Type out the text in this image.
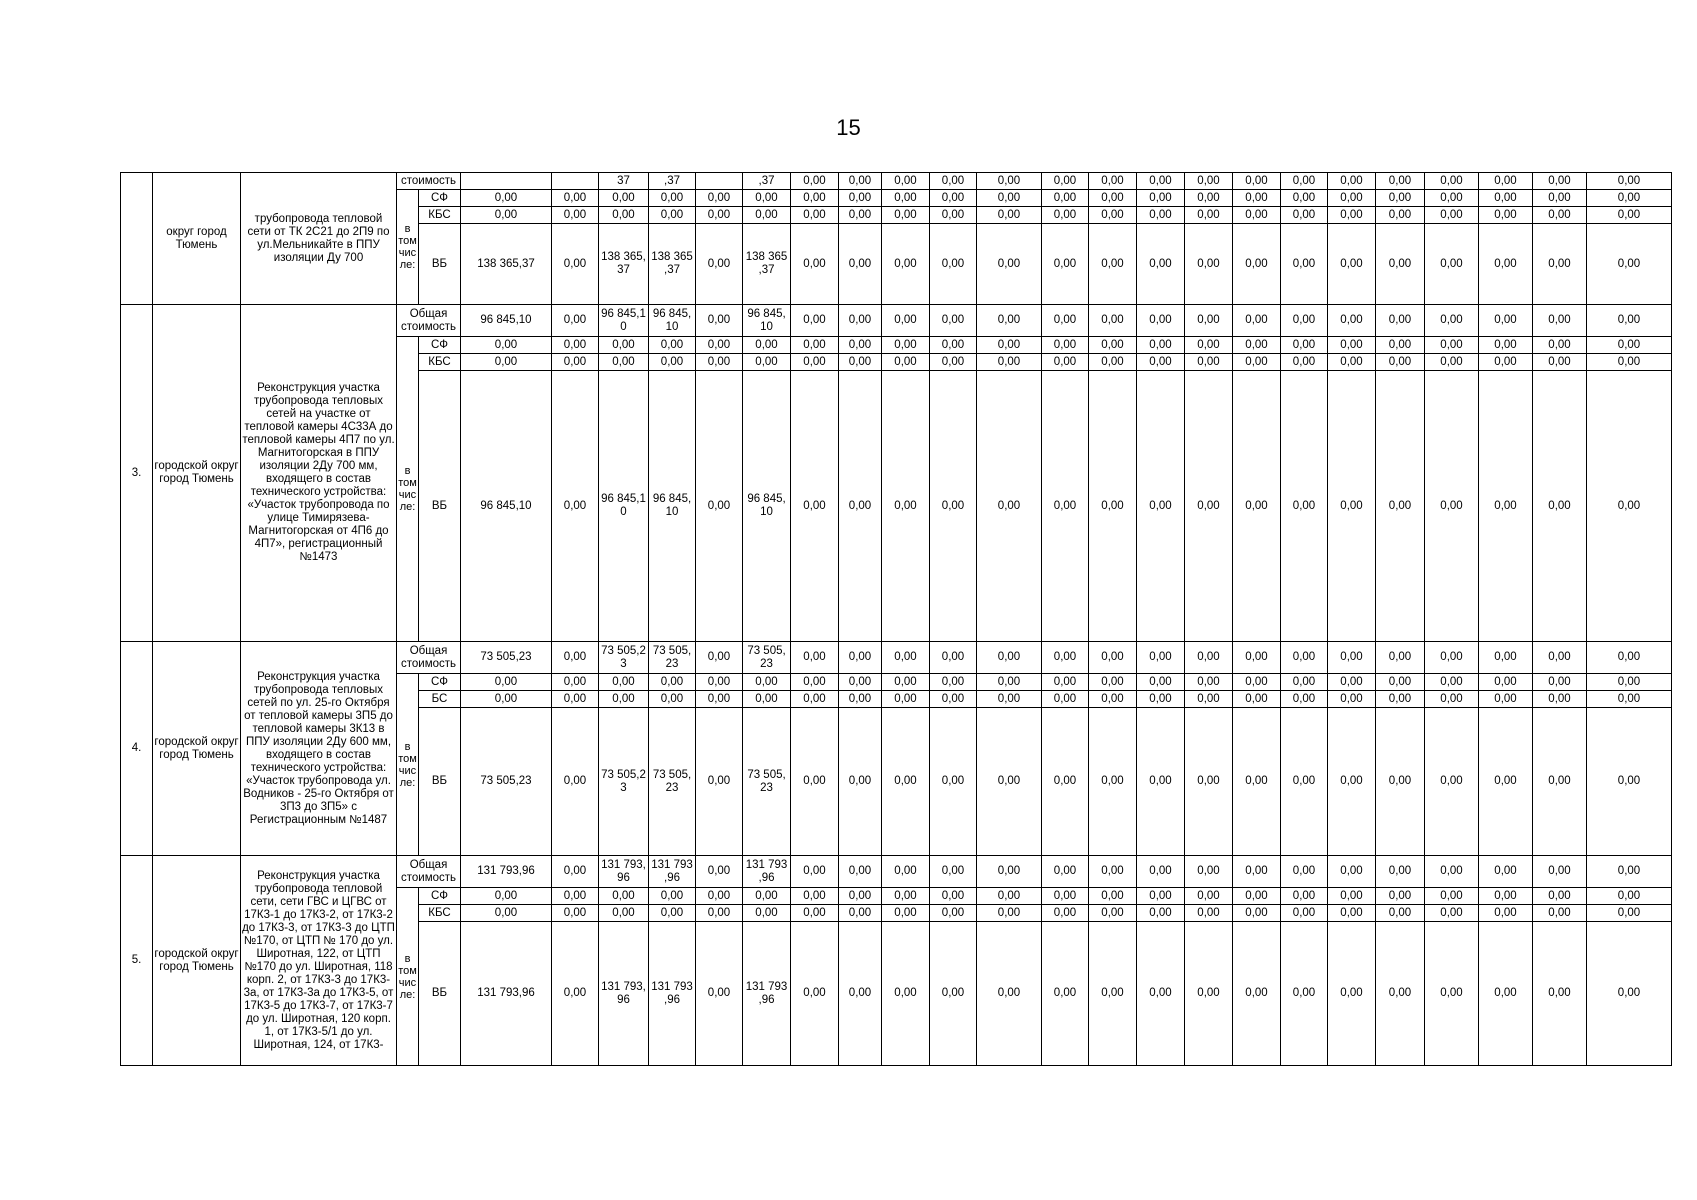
15
	округ город Тюмень	трубопровода тепловой сети от ТК 2С21 до 2П9 по ул.Мельникайте в ППУ изоляции Ду 700	стоимость				37	,37		,37	0,00	0,00	0,00	0,00	0,00	0,00	0,00	0,00	0,00	0,00	0,00	0,00	0,00	0,00	0,00	0,00	0,00
			в том чис ле:	СФ	0,00	0,00	0,00	0,00	0,00	0,00	0,00	0,00	0,00	0,00	0,00	0,00	0,00	0,00	0,00	0,00	0,00	0,00	0,00	0,00	0,00	0,00	0,00
				КБС	0,00	0,00	0,00	0,00	0,00	0,00	0,00	0,00	0,00	0,00	0,00	0,00	0,00	0,00	0,00	0,00	0,00	0,00	0,00	0,00	0,00	0,00	0,00
				ВБ	138 365,37	0,00	138 365, 37	138 365 ,37	0,00	138 365 ,37	0,00	0,00	0,00	0,00	0,00	0,00	0,00	0,00	0,00	0,00	0,00	0,00	0,00	0,00	0,00	0,00	0,00
3.	городской округ город Тюмень	Реконструкция участка трубопровода тепловых сетей на участке от тепловой камеры 4С33А до тепловой камеры 4П7 по ул. Магнитогорская в ППУ изоляции 2Ду 700 мм, входящего в состав технического устройства: «Участок трубопровода по улице Тимирязева-Магнитогорская от 4П6 до 4П7», регистрационный №1473	Общая стоимость		96 845,10	0,00	96 845,1 0	96 845, 10	0,00	96 845, 10	0,00	0,00	0,00	0,00	0,00	0,00	0,00	0,00	0,00	0,00	0,00	0,00	0,00	0,00	0,00	0,00	0,00
			в том чис ле:	СФ	0,00	0,00	0,00	0,00	0,00	0,00	0,00	0,00	0,00	0,00	0,00	0,00	0,00	0,00	0,00	0,00	0,00	0,00	0,00	0,00	0,00	0,00	0,00
				КБС	0,00	0,00	0,00	0,00	0,00	0,00	0,00	0,00	0,00	0,00	0,00	0,00	0,00	0,00	0,00	0,00	0,00	0,00	0,00	0,00	0,00	0,00	0,00
				ВБ	96 845,10	0,00	96 845,1 0	96 845, 10	0,00	96 845, 10	0,00	0,00	0,00	0,00	0,00	0,00	0,00	0,00	0,00	0,00	0,00	0,00	0,00	0,00	0,00	0,00	0,00
4.	городской округ город Тюмень	Реконструкция участка трубопровода тепловых сетей по ул. 25-го Октября от тепловой камеры 3П5 до тепловой камеры 3К13 в ППУ изоляции 2Ду 600 мм, входящего в состав технического устройства: «Участок трубопровода ул. Водников - 25-го Октября от 3П3 до 3П5» с Регистрационным №1487	Общая стоимость		73 505,23	0,00	73 505,2 3	73 505, 23	0,00	73 505, 23	0,00	0,00	0,00	0,00	0,00	0,00	0,00	0,00	0,00	0,00	0,00	0,00	0,00	0,00	0,00	0,00	0,00
			в том чис ле:	СФ	0,00	0,00	0,00	0,00	0,00	0,00	0,00	0,00	0,00	0,00	0,00	0,00	0,00	0,00	0,00	0,00	0,00	0,00	0,00	0,00	0,00	0,00	0,00
				БС	0,00	0,00	0,00	0,00	0,00	0,00	0,00	0,00	0,00	0,00	0,00	0,00	0,00	0,00	0,00	0,00	0,00	0,00	0,00	0,00	0,00	0,00	0,00
				ВБ	73 505,23	0,00	73 505,2 3	73 505, 23	0,00	73 505, 23	0,00	0,00	0,00	0,00	0,00	0,00	0,00	0,00	0,00	0,00	0,00	0,00	0,00	0,00	0,00	0,00	0,00
5.	городской округ город Тюмень	Реконструкция участка трубопровода тепловой сети, сети ГВС и ЦГВС от 17К3-1 до 17К3-2, от 17К3-2 до 17К3-3, от 17К3-3 до ЦТП №170, от ЦТП № 170 до ул. Широтная, 122, от ЦТП №170 до ул. Широтная, 118 корп. 2, от 17К3-3 до 17К3-3а, от 17К3-3а до 17К3-5, от 17К3-5 до 17К3-7, от 17К3-7 до ул. Широтная, 120 корп. 1, от 17К3-5/1 до ул. Широтная, 124, от 17К3-	Общая стоимость		131 793,96	0,00	131 793, 96	131 793 ,96	0,00	131 793 ,96	0,00	0,00	0,00	0,00	0,00	0,00	0,00	0,00	0,00	0,00	0,00	0,00	0,00	0,00	0,00	0,00	0,00
			в том чис ле:	СФ	0,00	0,00	0,00	0,00	0,00	0,00	0,00	0,00	0,00	0,00	0,00	0,00	0,00	0,00	0,00	0,00	0,00	0,00	0,00	0,00	0,00	0,00	0,00
				КБС	0,00	0,00	0,00	0,00	0,00	0,00	0,00	0,00	0,00	0,00	0,00	0,00	0,00	0,00	0,00	0,00	0,00	0,00	0,00	0,00	0,00	0,00	0,00
				ВБ	131 793,96	0,00	131 793, 96	131 793 ,96	0,00	131 793 ,96	0,00	0,00	0,00	0,00	0,00	0,00	0,00	0,00	0,00	0,00	0,00	0,00	0,00	0,00	0,00	0,00	0,00
